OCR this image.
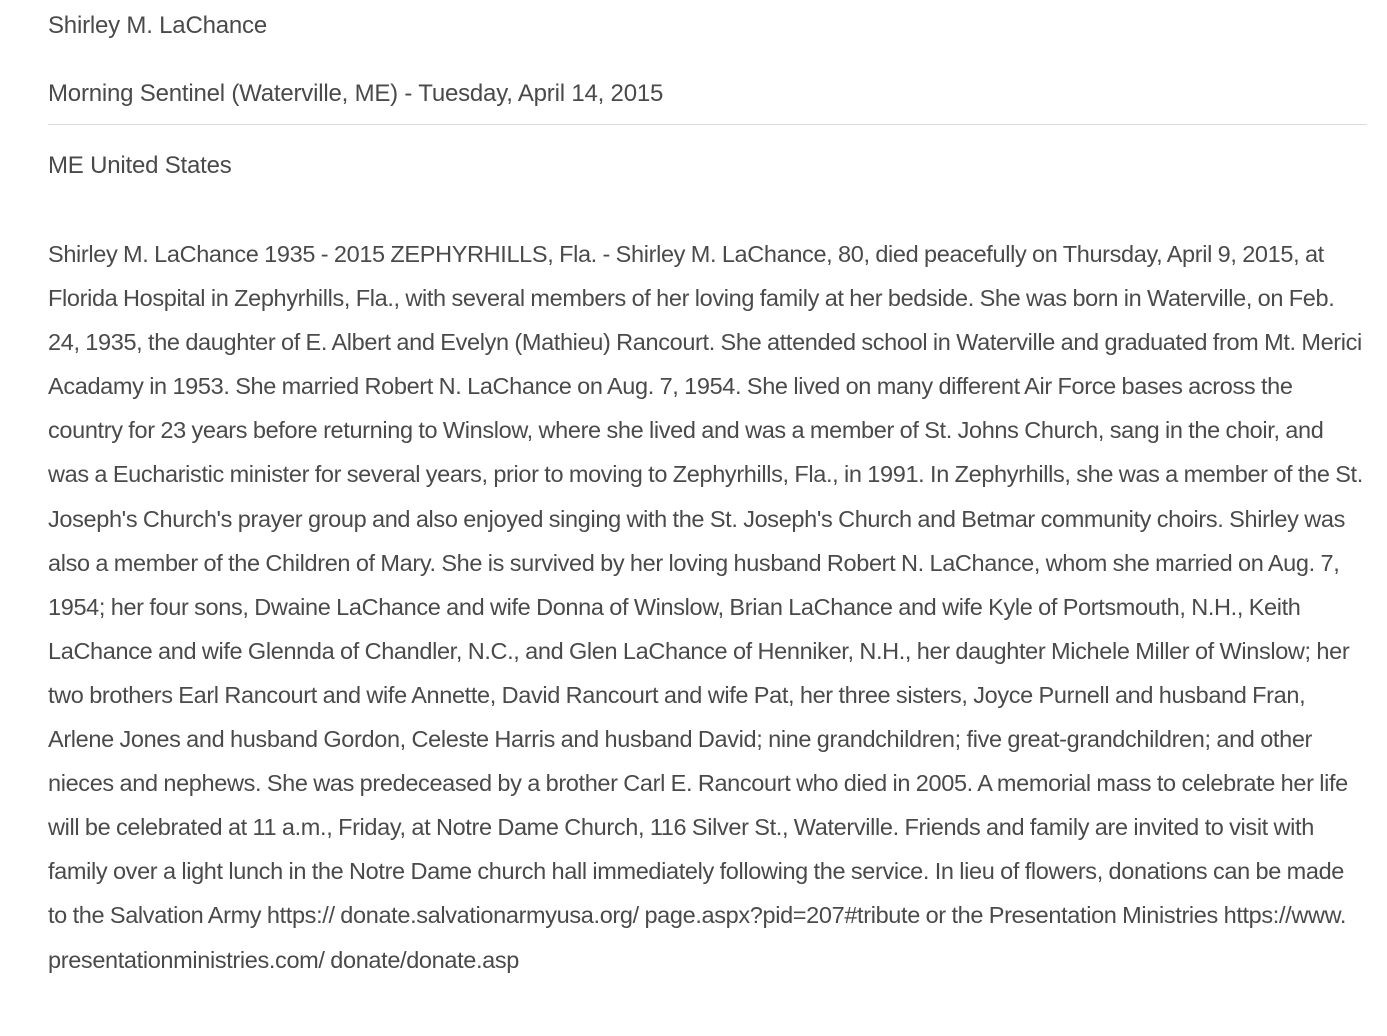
Shirley M. LaChance
Morning Sentinel (Waterville, ME) - Tuesday, April 14, 2015
ME United States
Shirley M. LaChance 1935 - 2015 ZEPHYRHILLS, Fla. - Shirley M. LaChance, 80, died peacefully on Thursday, April 9, 2015, at Florida Hospital in Zephyrhills, Fla., with several members of her loving family at her bedside. She was born in Waterville, on Feb. 24, 1935, the daughter of E. Albert and Evelyn (Mathieu) Rancourt. She attended school in Waterville and graduated from Mt. Merici Acadamy in 1953. She married Robert N. LaChance on Aug. 7, 1954. She lived on many different Air Force bases across the country for 23 years before returning to Winslow, where she lived and was a member of St. Johns Church, sang in the choir, and was a Eucharistic minister for several years, prior to moving to Zephyrhills, Fla., in 1991. In Zephyrhills, she was a member of the St. Joseph's Church's prayer group and also enjoyed singing with the St. Joseph's Church and Betmar community choirs. Shirley was also a member of the Children of Mary. She is survived by her loving husband Robert N. LaChance, whom she married on Aug. 7, 1954; her four sons, Dwaine LaChance and wife Donna of Winslow, Brian LaChance and wife Kyle of Portsmouth, N.H., Keith LaChance and wife Glennda of Chandler, N.C., and Glen LaChance of Henniker, N.H., her daughter Michele Miller of Winslow; her two brothers Earl Rancourt and wife Annette, David Rancourt and wife Pat, her three sisters, Joyce Purnell and husband Fran, Arlene Jones and husband Gordon, Celeste Harris and husband David; nine grandchildren; five great-grandchildren; and other nieces and nephews. She was predeceased by a brother Carl E. Rancourt who died in 2005. A memorial mass to celebrate her life will be celebrated at 11 a.m., Friday, at Notre Dame Church, 116 Silver St., Waterville. Friends and family are invited to visit with family over a light lunch in the Notre Dame church hall immediately following the service. In lieu of flowers, donations can be made to the Salvation Army https:// donate.salvationarmyusa.org/ page.aspx?pid=207#tribute or the Presentation Ministries https://www. presentationministries.com/ donate/donate.asp
